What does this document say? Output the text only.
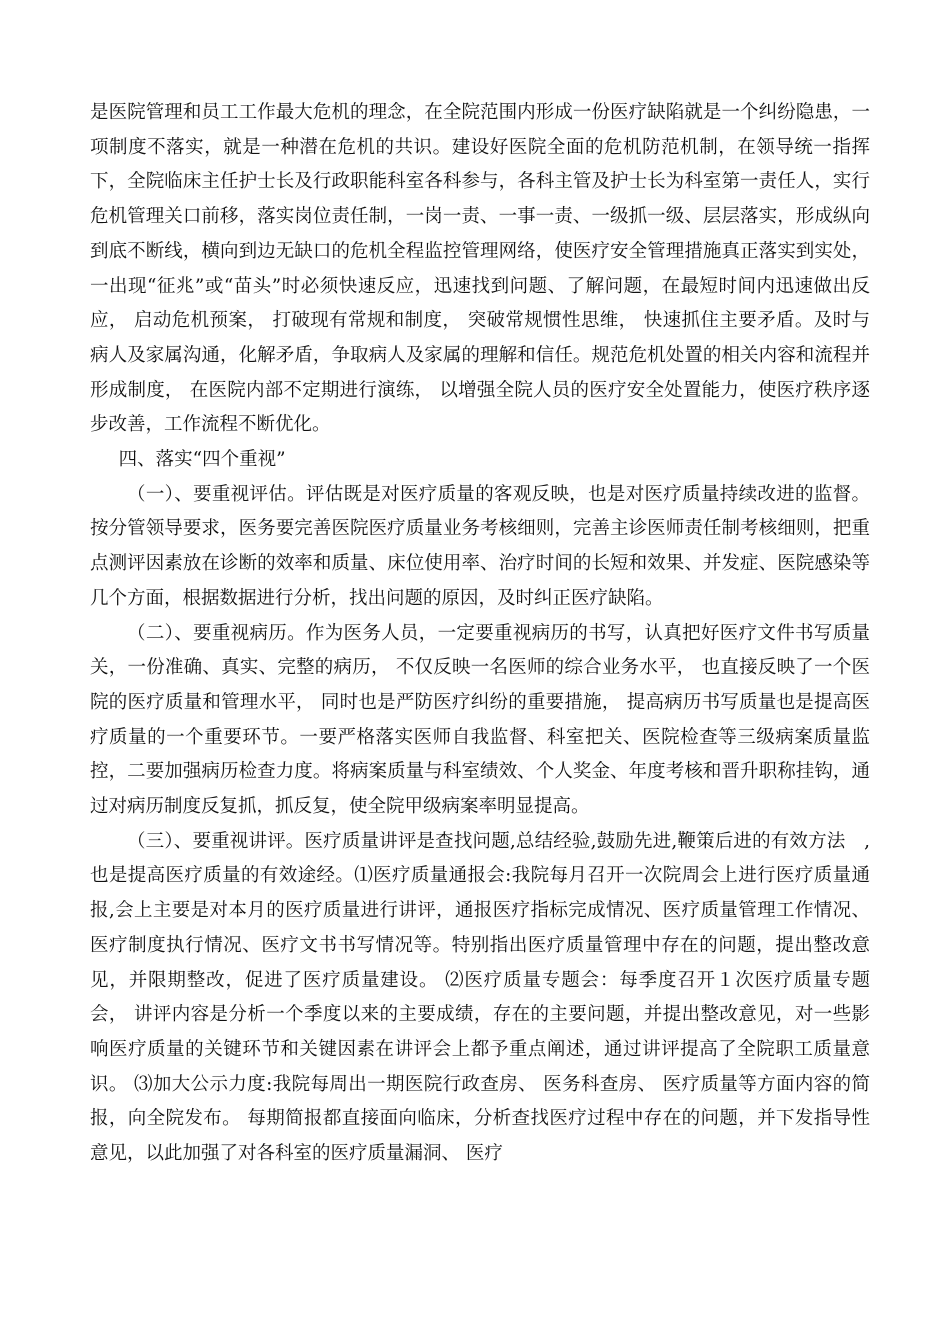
是医院管理和员工工作最大危机的理念，在全院范围内形成一份医疗缺陷就是一个纠纷隐患，一项制度不落实，就是一种潜在危机的共识。建设好医院全面的危机防范机制，在领导统一指挥下，全院临床主任护士长及行政职能科室各科参与，各科主管及护士长为科室第一责任人，实行危机管理关口前移，落实岗位责任制，一岗一责、一事一责、一级抓一级、层层落实，形成纵向到底不断线，横向到边无缺口的危机全程监控管理网络，使医疗安全管理措施真正落实到实处，一出现“征兆”或“苗头”时必须快速反应，迅速找到问题、了解问题，在最短时间内迅速做出反应， 启动危机预案， 打破现有常规和制度， 突破常规惯性思维， 快速抓住主要矛盾。及时与病人及家属沟通，化解矛盾，争取病人及家属的理解和信任。规范危机处置的相关内容和流程并形成制度， 在医院内部不定期进行演练， 以增强全院人员的医疗安全处置能力，使医疗秩序逐步改善，工作流程不断优化。

四、落实“四个重视”

（一）、要重视评估。评估既是对医疗质量的客观反映，也是对医疗质量持续改进的监督。按分管领导要求，医务要完善医院医疗质量业务考核细则，完善主诊医师责任制考核细则，把重点测评因素放在诊断的效率和质量、床位使用率、治疗时间的长短和效果、并发症、医院感染等几个方面，根据数据进行分析，找出问题的原因，及时纠正医疗缺陷。

（二）、要重视病历。作为医务人员，一定要重视病历的书写，认真把好医疗文件书写质量关，一份准确、真实、完整的病历， 不仅反映一名医师的综合业务水平， 也直接反映了一个医院的医疗质量和管理水平， 同时也是严防医疗纠纷的重要措施， 提高病历书写质量也是提高医疗质量的一个重要环节。一要严格落实医师自我监督、科室把关、医院检查等三级病案质量监控，二要加强病历检查力度。将病案质量与科室绩效、个人奖金、年度考核和晋升职称挂钩，通过对病历制度反复抓，抓反复，使全院甲级病案率明显提高。

（三）、要重视讲评。医疗质量讲评是查找问题,总结经验,鼓励先进,鞭策后进的有效方法　,也是提高医疗质量的有效途经。⑴医疗质量通报会:我院每月召开一次院周会上进行医疗质量通报,会上主要是对本月的医疗质量进行讲评，通报医疗指标完成情况、医疗质量管理工作情况、医疗制度执行情况、医疗文书书写情况等。特别指出医疗质量管理中存在的问题，提出整改意见，并限期整改，促进了医疗质量建设。 ⑵医疗质量专题会：每季度召开１次医疗质量专题会， 讲评内容是分析一个季度以来的主要成绩，存在的主要问题，并提出整改意见，对一些影响医疗质量的关键环节和关键因素在讲评会上都予重点阐述，通过讲评提高了全院职工质量意识。 ⑶加大公示力度:我院每周出一期医院行政查房、 医务科查房、 医疗质量等方面内容的简报，向全院发布。 每期简报都直接面向临床，分析查找医疗过程中存在的问题，并下发指导性意见，以此加强了对各科室的医疗质量漏洞、 医疗
